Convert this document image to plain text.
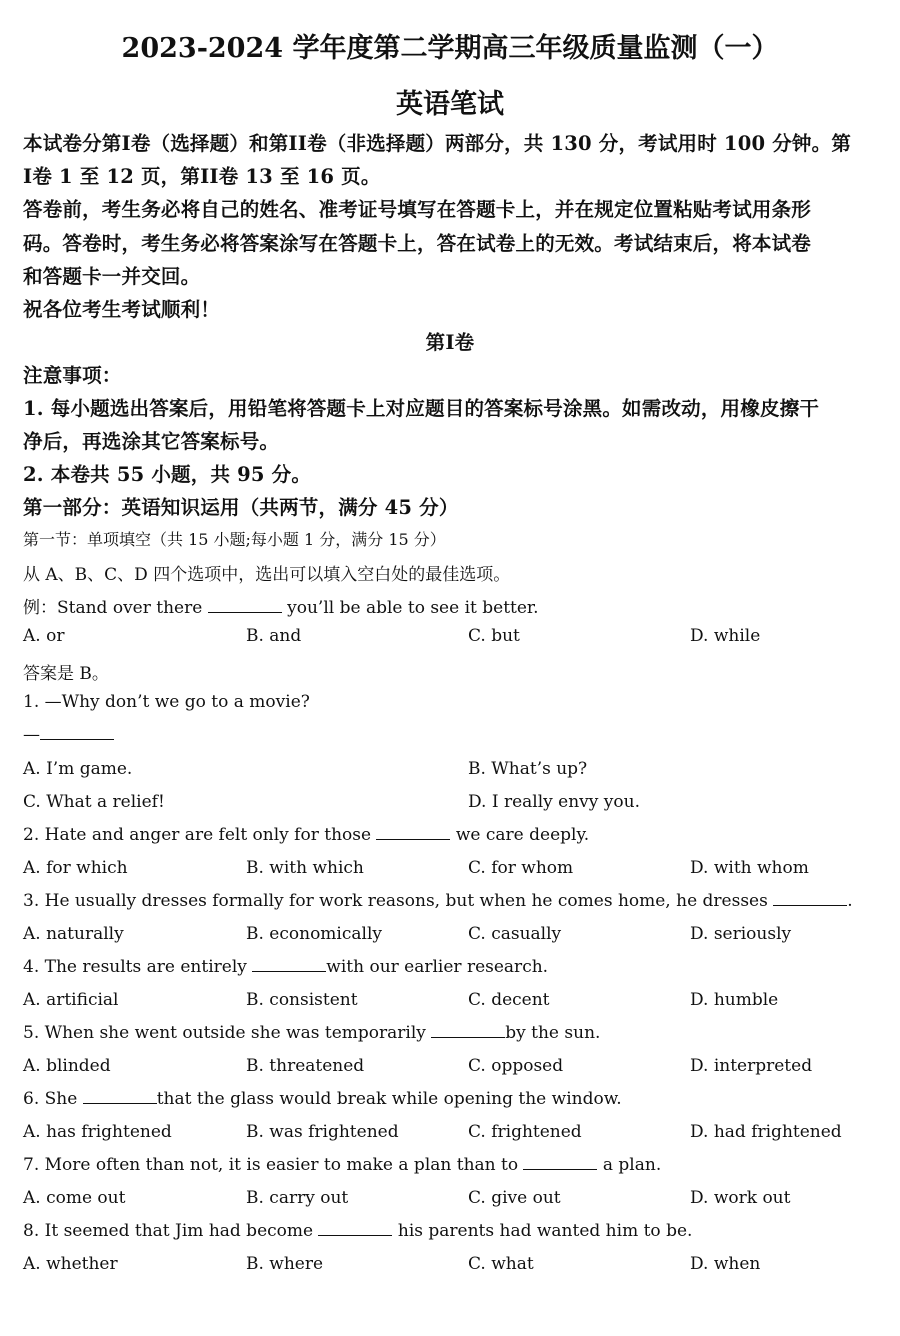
2023-2024 学年度第二学期高三年级质量监测（一）
英语笔试
本试卷分第I卷（选择题）和第II卷（非选择题）两部分，共 130 分，考试用时 100 分钟。第
I卷 1 至 12 页，第II卷 13 至 16 页。
答卷前，考生务必将自己的姓名、准考证号填写在答题卡上，并在规定位置粘贴考试用条形
码。答卷时，考生务必将答案涂写在答题卡上，答在试卷上的无效。考试结束后，将本试卷
和答题卡一并交回。
祝各位考生考试顺利！
第I卷
注意事项：
1. 每小题选出答案后，用铅笔将答题卡上对应题目的答案标号涂黑。如需改动，用橡皮擦干
净后，再选涂其它答案标号。
2. 本卷共 55 小题，共 95 分。
第一部分：英语知识运用（共两节，满分 45 分）
第一节：单项填空（共 15 小题;每小题 1 分，满分 15 分）
从 A、B、C、D 四个选项中，选出可以填入空白处的最佳选项。
例：Stand over there	you’ll be able to see it better.
A. or	B. and	C. but	D. while
答案是 B。
1. —Why don’t we go to a movie?
—
A. I’m game.	B. What’s up?
C. What a relief!	D. I really envy you.
2. Hate and anger are felt only for those	we care deeply.
A. for which	B. with which	C. for whom	D. with whom
3. He usually dresses formally for work reasons, but when he comes home, he dresses	.
A. naturally	B. economically	C. casually	D. seriously
4. The results are entirely	with our earlier research.
A. artificial	B. consistent	C. decent	D. humble
5. When she went outside she was temporarily	by the sun.
A. blinded	B. threatened	C. opposed	D. interpreted
6. She	that the glass would break while opening the window.
A. has frightened	B. was frightened	C. frightened	D. had frightened
7. More often than not, it is easier to make a plan than to	a plan.
A. come out	B. carry out	C. give out	D. work out
8. It seemed that Jim had become	his parents had wanted him to be.
A. whether	B. where	C. what	D. when
